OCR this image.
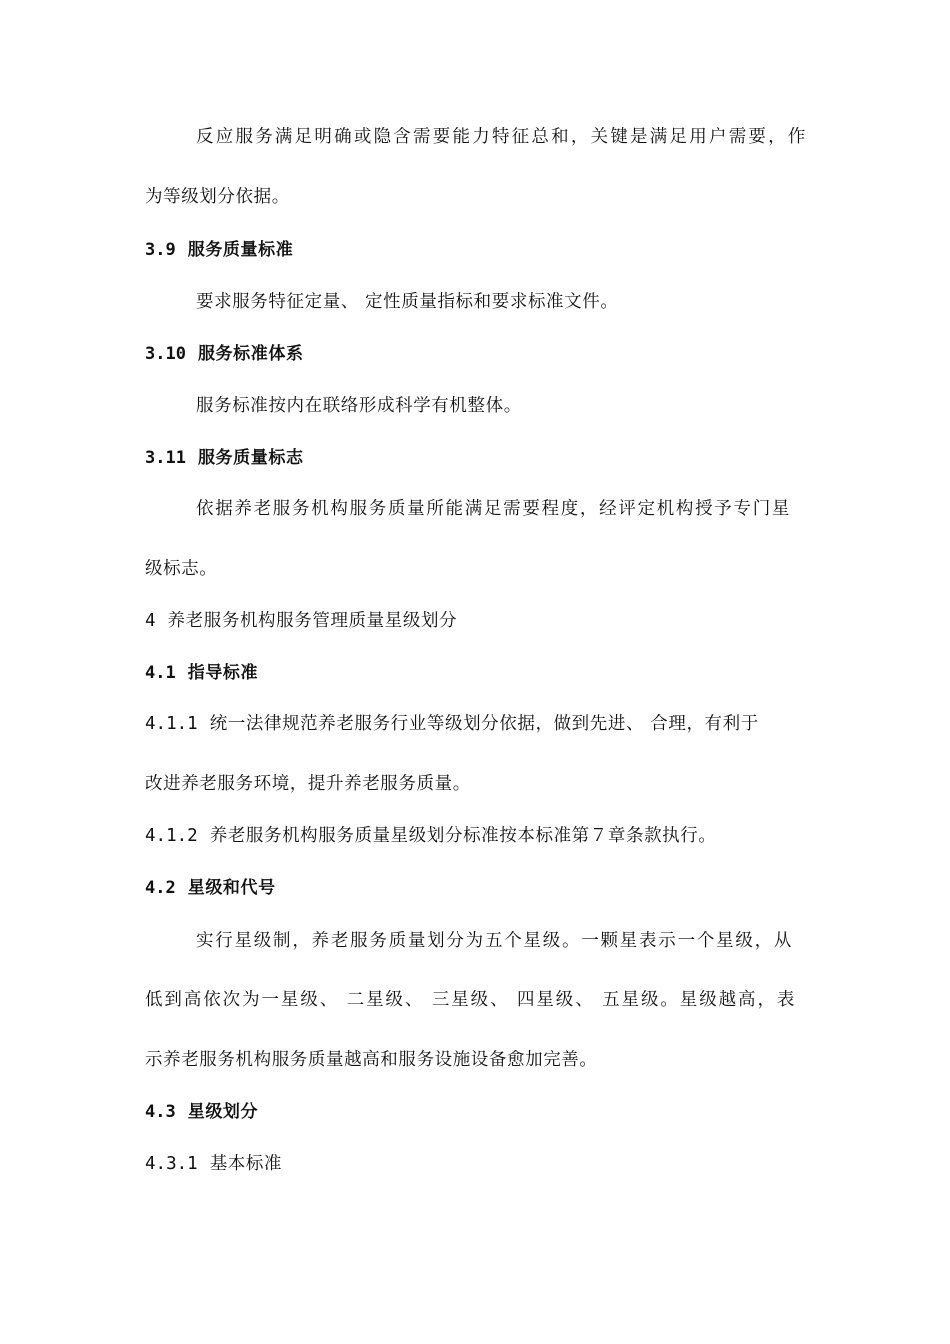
反应服务满足明确或隐含需要能力特征总和，关键是满足用户需要，作
为等级划分依据。
3.9 服务质量标准
要求服务特征定量、 定性质量指标和要求标准文件。
3.10 服务标准体系
服务标准按内在联络形成科学有机整体。
3.11 服务质量标志
依据养老服务机构服务质量所能满足需要程度，经评定机构授予专门星
级标志。
4 养老服务机构服务管理质量星级划分
4.1 指导标准
4.1.1 统一法律规范养老服务行业等级划分依据，做到先进、 合理，有利于
改进养老服务环境，提升养老服务质量。
4.1.2 养老服务机构服务质量星级划分标准按本标准第７章条款执行。
4.2 星级和代号
实行星级制，养老服务质量划分为五个星级。一颗星表示一个星级，从
低到高依次为一星级、 二星级、 三星级、 四星级、 五星级。星级越高，表
示养老服务机构服务质量越高和服务设施设备愈加完善。
4.3 星级划分
4.3.1 基本标准
